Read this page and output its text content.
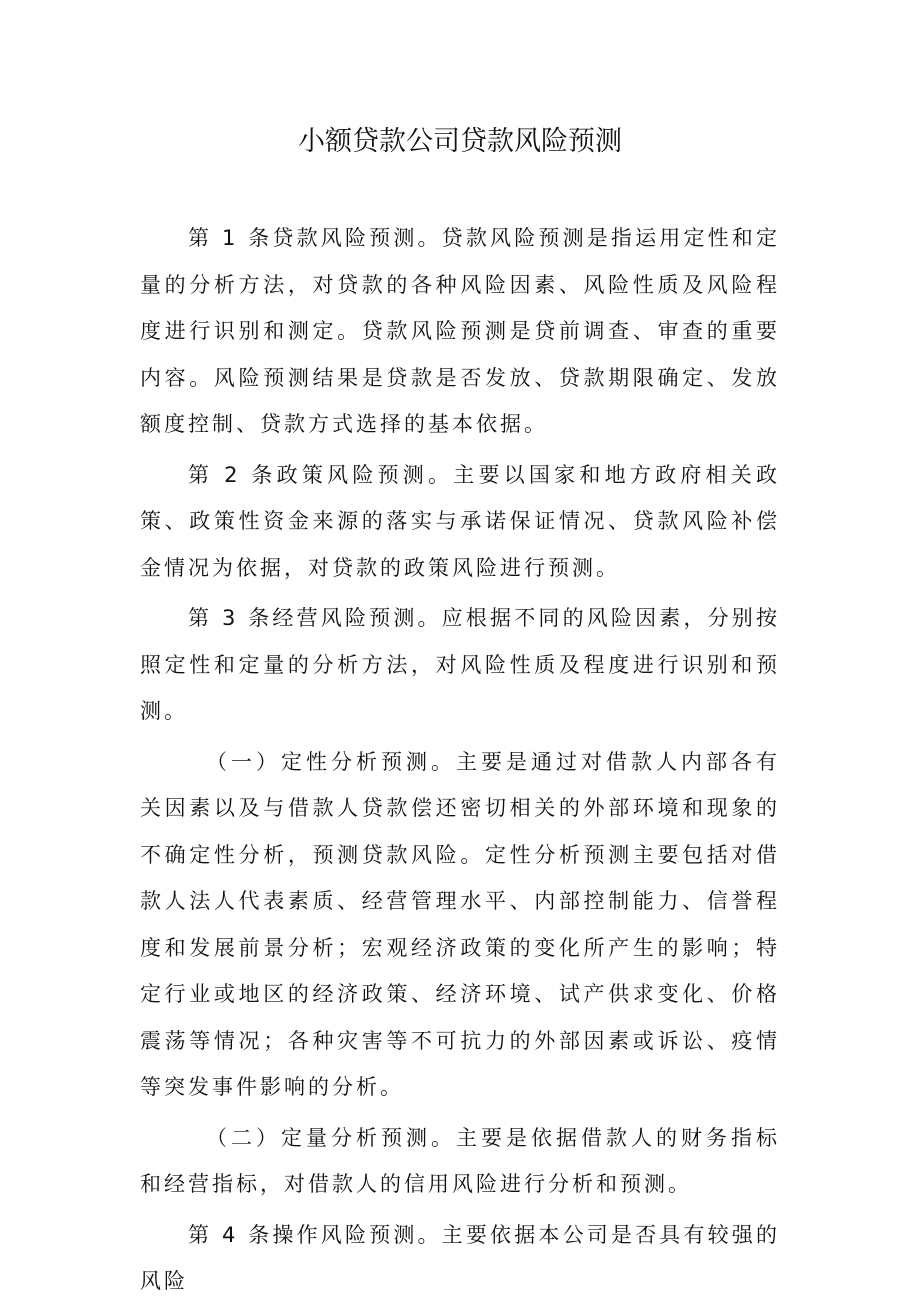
小额贷款公司贷款风险预测

第 1 条贷款风险预测。贷款风险预测是指运用定性和定量的分析方法，对贷款的各种风险因素、风险性质及风险程度进行识别和测定。贷款风险预测是贷前调查、审查的重要内容。风险预测结果是贷款是否发放、贷款期限确定、发放额度控制、贷款方式选择的基本依据。

第 2 条政策风险预测。主要以国家和地方政府相关政策、政策性资金来源的落实与承诺保证情况、贷款风险补偿金情况为依据，对贷款的政策风险进行预测。

第 3 条经营风险预测。应根据不同的风险因素，分别按照定性和定量的分析方法，对风险性质及程度进行识别和预测。

（一）定性分析预测。主要是通过对借款人内部各有关因素以及与借款人贷款偿还密切相关的外部环境和现象的不确定性分析，预测贷款风险。定性分析预测主要包括对借款人法人代表素质、经营管理水平、内部控制能力、信誉程度和发展前景分析；宏观经济政策的变化所产生的影响；特定行业或地区的经济政策、经济环境、试产供求变化、价格震荡等情况；各种灾害等不可抗力的外部因素或诉讼、疫情等突发事件影响的分析。

（二）定量分析预测。主要是依据借款人的财务指标和经营指标，对借款人的信用风险进行分析和预测。

第 4 条操作风险预测。主要依据本公司是否具有较强的风险
